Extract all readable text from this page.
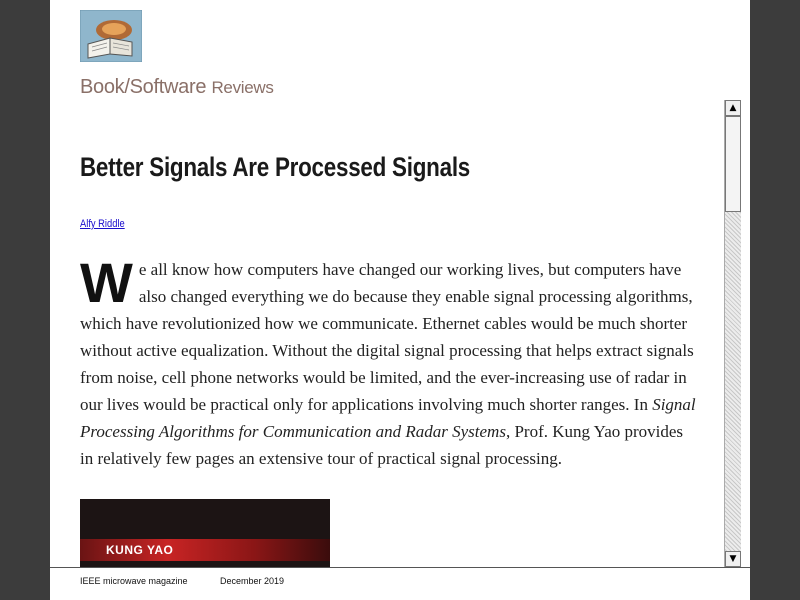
Book/Software Reviews
Better Signals Are Processed Signals
Alfy Riddle

We all know how computers have changed our working lives, but computers have also changed everything we do because they enable signal processing algorithms, which have revolutionized how we communicate. Ethernet cables would be much shorter without active equalization. Without the digital signal processing that helps extract signals from noise, cell phone networks would be limited, and the ever-increasing use of radar in our lives would be practical only for applications involving much shorter ranges. In Signal Processing Algorithms for Communication and Radar Systems, Prof. Kung Yao provides in relatively few pages an extensive tour of practical signal processing.

KUNG YAO
▲
▼
IEEE microwave magazine	December 2019
